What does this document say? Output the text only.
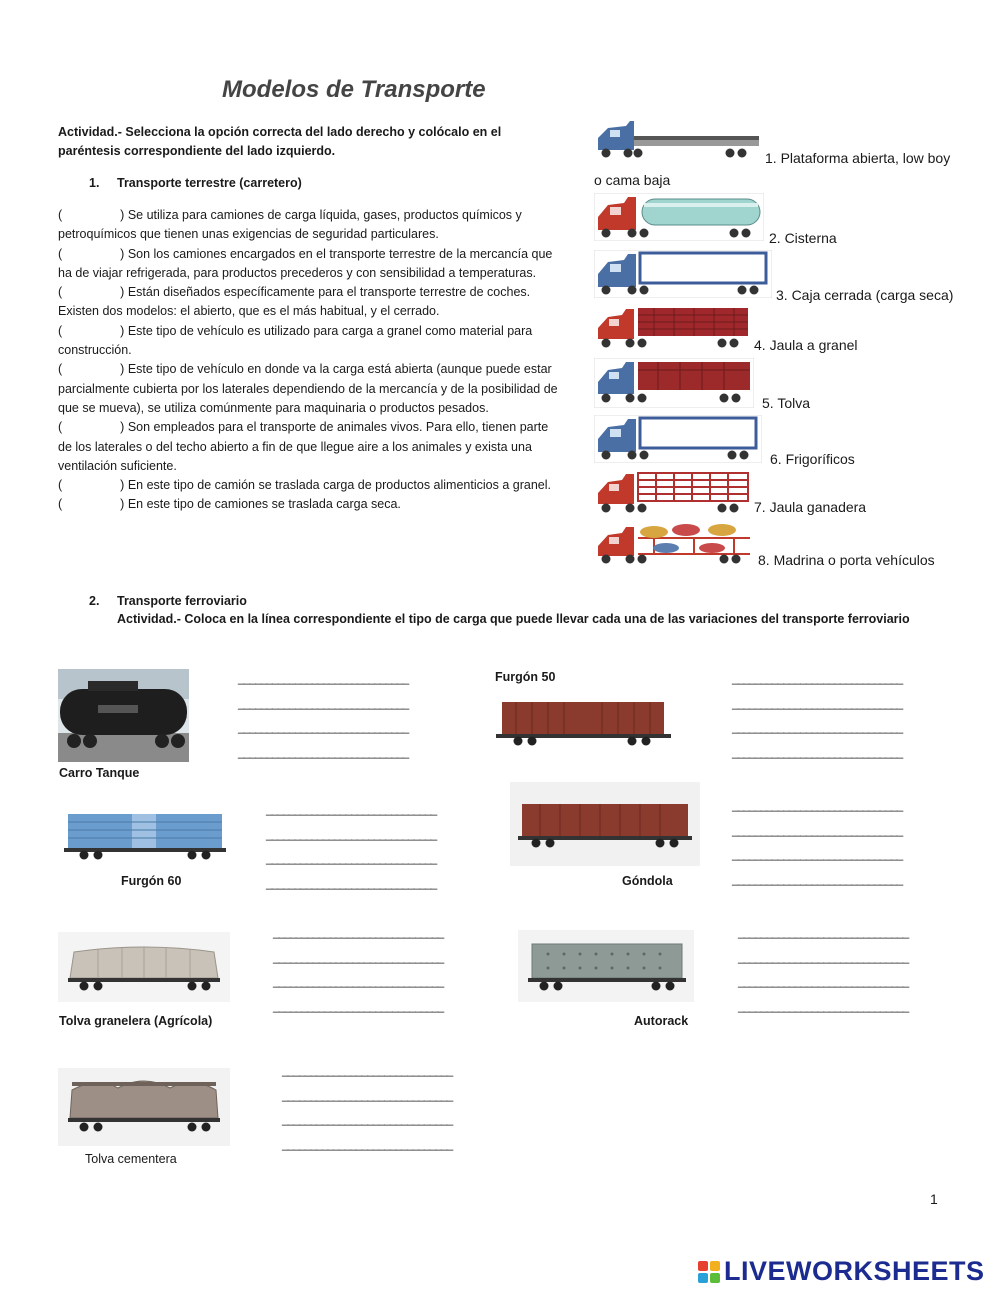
Modelos de Transporte
Actividad.- Selecciona la opción correcta del lado derecho y colócalo en el paréntesis correspondiente del lado izquierdo.
1. Transporte terrestre (carretero)

(	) Se utiliza para camiones de carga líquida, gases, productos químicos y petroquímicos que tienen unas exigencias de seguridad particulares.

(	) Son los camiones encargados en el transporte terrestre de la mercancía que ha de viajar refrigerada, para productos precederos y con sensibilidad a temperaturas.

(	) Están diseñados específicamente para el transporte terrestre de coches. Existen dos modelos: el abierto, que es el más habitual, y el cerrado.

(	) Este tipo de vehículo es utilizado para carga a granel como material para construcción.

(	) Este tipo de vehículo en donde va la carga está abierta (aunque puede estar parcialmente cubierta por los laterales dependiendo de la mercancía y de la posibilidad de que se mueva), se utiliza comúnmente para maquinaria o productos pesados.

(	) Son empleados para el transporte de animales vivos. Para ello, tienen parte de los laterales o del techo abierto a fin de que llegue aire a los animales y exista una ventilación suficiente.

(	) En este tipo de camión se traslada carga de productos alimenticios a granel.

(	) En este tipo de camiones se traslada carga seca.

1. Plataforma abierta, low boy
o cama baja
2. Cisterna
3. Caja cerrada (carga seca)
4. Jaula a granel
5. Tolva
6. Frigoríficos
7. Jaula ganadera
8. Madrina o porta vehículos
2. Transporte ferroviario
Actividad.- Coloca en la línea correspondiente el tipo de carga que puede llevar cada una de las variaciones del transporte ferroviario
Carro Tanque
______________________________
______________________________
______________________________
______________________________
Furgón 50	______________________________
______________________________
______________________________
______________________________
Furgón 60
______________________________
______________________________
______________________________
______________________________	Góndola
______________________________
______________________________
______________________________
______________________________
Tolva granelera (Agrícola)
______________________________
______________________________
______________________________
______________________________
Autorack
______________________________
______________________________
______________________________
______________________________
Tolva cementera
______________________________
______________________________
______________________________
______________________________
1
LIVEWORKSHEETS
